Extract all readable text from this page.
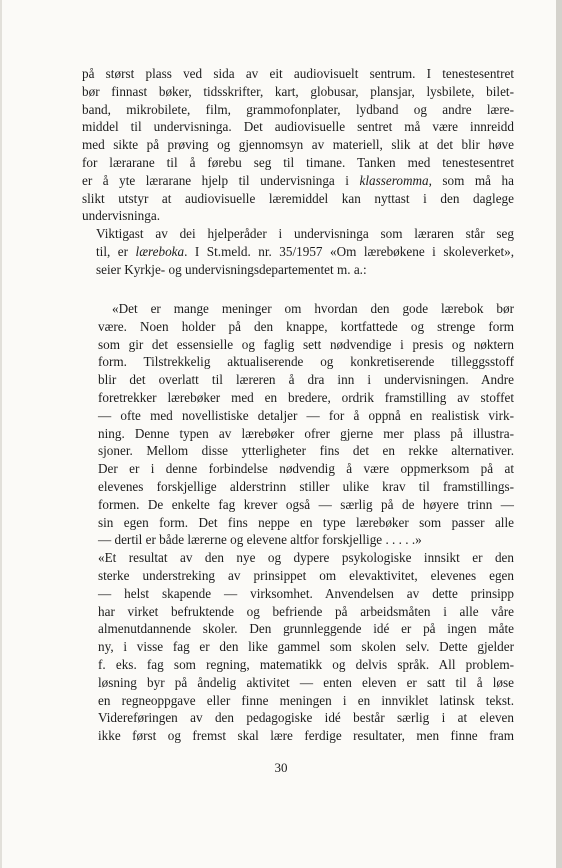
på størst plass ved sida av eit audiovisuelt sentrum. I tenestesentret
bør finnast bøker, tidsskrifter, kart, globusar, plansjar, lysbilete, bilet-
band, mikrobilete, film, grammofonplater, lydband og andre lære-
middel til undervisninga. Det audiovisuelle sentret må være innreidd
med sikte på prøving og gjennomsyn av materiell, slik at det blir høve
for lærarane til å førebu seg til timane. Tanken med tenestesentret
er å yte lærarane hjelp til undervisninga i klasseromma, som må ha
slikt utstyr at audiovisuelle læremiddel kan nyttast i den daglege
undervisninga.

Viktigast av dei hjelperåder i undervisninga som læraren står seg
til, er læreboka. I St.meld. nr. 35/1957 «Om lærebøkene i skoleverket»,
seier Kyrkje- og undervisningsdepartementet m. a.:

«Det er mange meninger om hvordan den gode lærebok bør
være. Noen holder på den knappe, kortfattede og strenge form
som gir det essensielle og faglig sett nødvendige i presis og nøktern
form. Tilstrekkelig aktualiserende og konkretiserende tilleggsstoff
blir det overlatt til læreren å dra inn i undervisningen. Andre
foretrekker lærebøker med en bredere, ordrik framstilling av stoffet
— ofte med novellistiske detaljer — for å oppnå en realistisk virk-
ning. Denne typen av lærebøker ofrer gjerne mer plass på illustra-
sjoner. Mellom disse ytterligheter fins det en rekke alternativer.
Der er i denne forbindelse nødvendig å være oppmerksom på at
elevenes forskjellige alderstrinn stiller ulike krav til framstillings-
formen. De enkelte fag krever også — særlig på de høyere trinn —
sin egen form. Det fins neppe en type lærebøker som passer alle
— dertil er både lærerne og elevene altfor forskjellige . . . . .»

«Et resultat av den nye og dypere psykologiske innsikt er den
sterke understreking av prinsippet om elevaktivitet, elevenes egen
— helst skapende — virksomhet. Anvendelsen av dette prinsipp
har virket befruktende og befriende på arbeidsmåten i alle våre
almenutdannende skoler. Den grunnleggende idé er på ingen måte
ny, i visse fag er den like gammel som skolen selv. Dette gjelder
f. eks. fag som regning, matematikk og delvis språk. All problem-
løsning byr på åndelig aktivitet — enten eleven er satt til å løse
en regneoppgave eller finne meningen i en innviklet latinsk tekst.
Videreføringen av den pedagogiske idé består særlig i at eleven
ikke først og fremst skal lære ferdige resultater, men finne fram

30
